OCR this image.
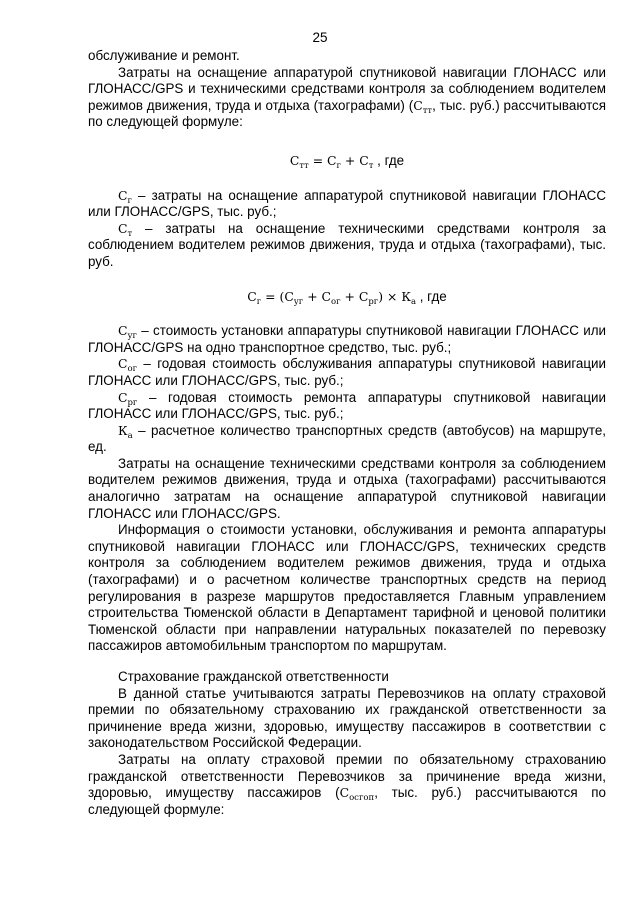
25

обслуживание и ремонт.

Затраты на оснащение аппаратурой спутниковой навигации ГЛОНАСС или ГЛОНАСС/GPS и техническими средствами контроля за соблюдением водителем режимов движения, труда и отдыха (тахографами) ($С_{тт}$, тыс. руб.) рассчитываются по следующей формуле:

$С_{тт} = С_г + С_т$ , где

$С_г$ – затраты на оснащение аппаратурой спутниковой навигации ГЛОНАСС или ГЛОНАСС/GPS, тыс. руб.;

$С_т$ – затраты на оснащение техническими средствами контроля за соблюдением водителем режимов движения, труда и отдыха (тахографами), тыс. руб.

$С_г = (С_{уг} + С_{ог} + С_{рг}) \times К_а$ , где

$С_{уг}$ – стоимость установки аппаратуры спутниковой навигации ГЛОНАСС или ГЛОНАСС/GPS на одно транспортное средство, тыс. руб.;

$С_{ог}$ – годовая стоимость обслуживания аппаратуры спутниковой навигации ГЛОНАСС или ГЛОНАСС/GPS, тыс. руб.;

$С_{рг}$ – годовая стоимость ремонта аппаратуры спутниковой навигации ГЛОНАСС или ГЛОНАСС/GPS, тыс. руб.;

$К_а$ – расчетное количество транспортных средств (автобусов) на маршруте, ед.

Затраты на оснащение техническими средствами контроля за соблюдением водителем режимов движения, труда и отдыха (тахографами) рассчитываются аналогично затратам на оснащение аппаратурой спутниковой навигации ГЛОНАСС или ГЛОНАСС/GPS.

Информация о стоимости установки, обслуживания и ремонта аппаратуры спутниковой навигации ГЛОНАСС или ГЛОНАСС/GPS, технических средств контроля за соблюдением водителем режимов движения, труда и отдыха (тахографами) и о расчетном количестве транспортных средств на период регулирования в разрезе маршрутов предоставляется Главным управлением строительства Тюменской области в Департамент тарифной и ценовой политики Тюменской области при направлении натуральных показателей по перевозку пассажиров автомобильным транспортом по маршрутам.

Страхование гражданской ответственности

В данной статье учитываются затраты Перевозчиков на оплату страховой премии по обязательному страхованию их гражданской ответственности за причинение вреда жизни, здоровью, имуществу пассажиров в соответствии с законодательством Российской Федерации.

Затраты на оплату страховой премии по обязательному страхованию гражданской ответственности Перевозчиков за причинение вреда жизни, здоровью, имуществу пассажиров ($С_{осгоп}$, тыс. руб.) рассчитываются по следующей формуле:
